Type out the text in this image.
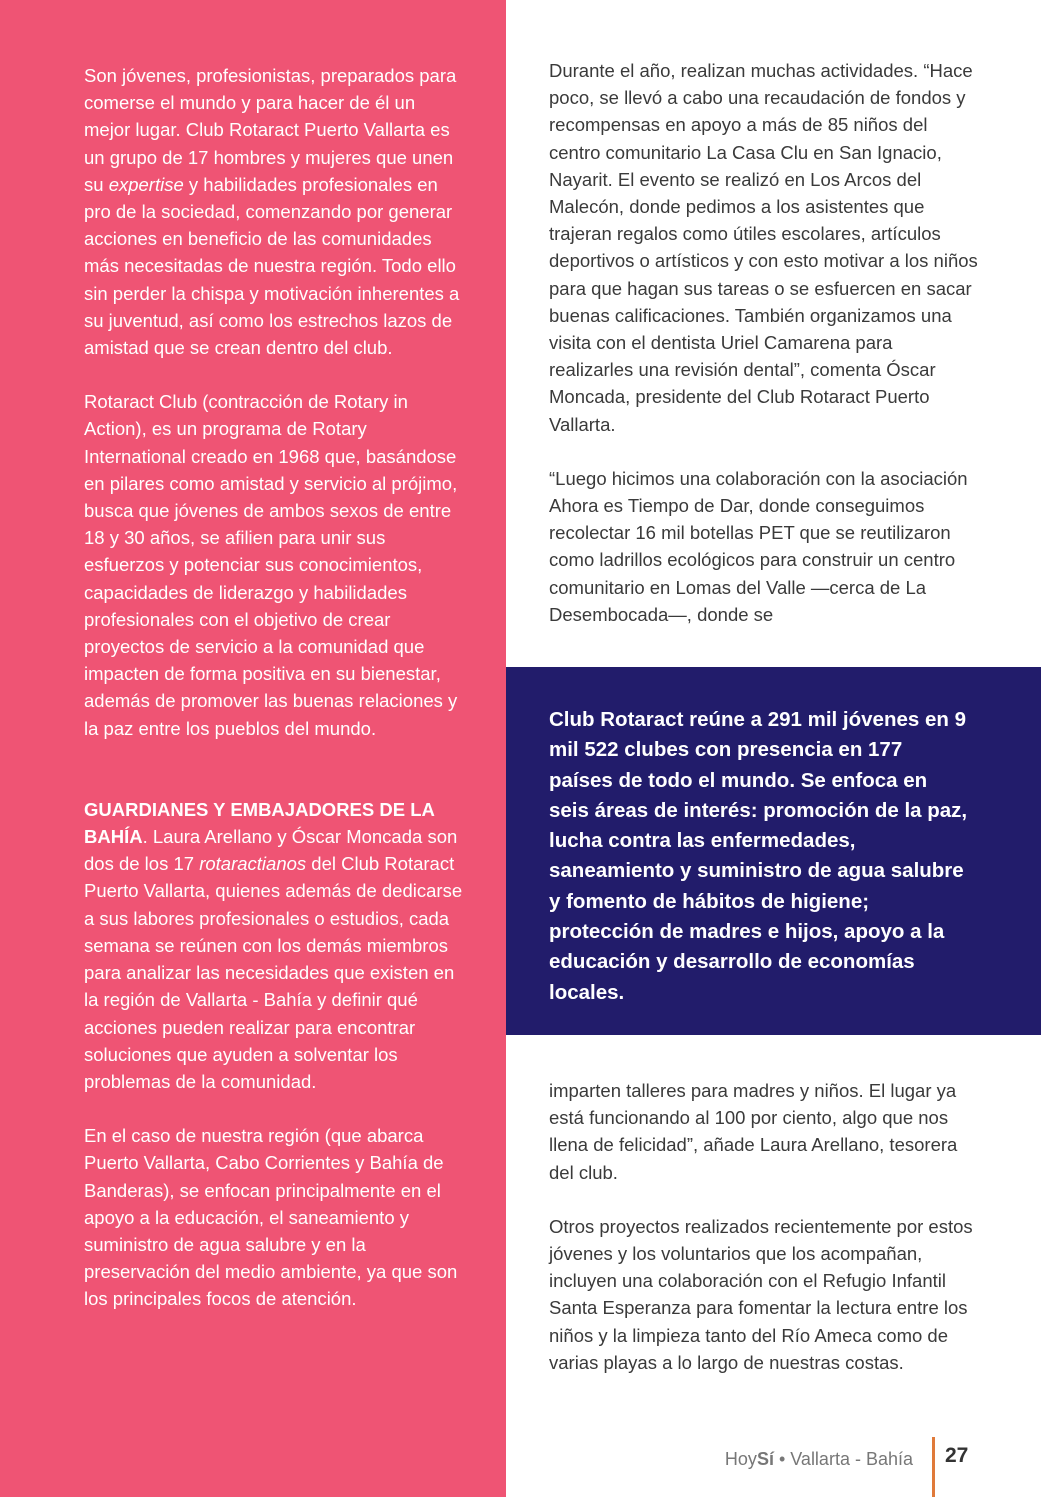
Son jóvenes, profesionistas, preparados para comerse el mundo y para hacer de él un mejor lugar. Club Rotaract Puerto Vallarta es un grupo de 17 hombres y mujeres que unen su expertise y habilidades profesionales en pro de la sociedad, comenzando por generar acciones en beneficio de las comunidades más necesitadas de nuestra región. Todo ello sin perder la chispa y motivación inherentes a su juventud, así como los estrechos lazos de amistad que se crean dentro del club.

Rotaract Club (contracción de Rotary in Action), es un programa de Rotary International creado en 1968 que, basándose en pilares como amistad y servicio al prójimo, busca que jóvenes de ambos sexos de entre 18 y 30 años, se afilien para unir sus esfuerzos y potenciar sus conocimientos, capacidades de liderazgo y habilidades profesionales con el objetivo de crear proyectos de servicio a la comunidad que impacten de forma positiva en su bienestar, además de promover las buenas relaciones y la paz entre los pueblos del mundo.

GUARDIANES Y EMBAJADORES DE LA BAHÍA. Laura Arellano y Óscar Moncada son dos de los 17 rotaractianos del Club Rotaract Puerto Vallarta, quienes además de dedicarse a sus labores profesionales o estudios, cada semana se reúnen con los demás miembros para analizar las necesidades que existen en la región de Vallarta - Bahía y definir qué acciones pueden realizar para encontrar soluciones que ayuden a solventar los problemas de la comunidad.

En el caso de nuestra región (que abarca Puerto Vallarta, Cabo Corrientes y Bahía de Banderas), se enfocan principalmente en el apoyo a la educación, el saneamiento y suministro de agua salubre y en la preservación del medio ambiente, ya que son los principales focos de atención.

Durante el año, realizan muchas actividades. “Hace poco, se llevó a cabo una recaudación de fondos y recompensas en apoyo a más de 85 niños del centro comunitario La Casa Clu en San Ignacio, Nayarit. El evento se realizó en Los Arcos del Malecón, donde pedimos a los asistentes que trajeran regalos como útiles escolares, artículos deportivos o artísticos y con esto motivar a los niños para que hagan sus tareas o se esfuercen en sacar buenas calificaciones. También organizamos una visita con el dentista Uriel Camarena para realizarles una revisión dental”, comenta Óscar Moncada, presidente del Club Rotaract Puerto Vallarta.

“Luego hicimos una colaboración con la asociación Ahora es Tiempo de Dar, donde conseguimos recolectar 16 mil botellas PET que se reutilizaron como ladrillos ecológicos para construir un centro comunitario en Lomas del Valle —cerca de La Desembocada—, donde se

Club Rotaract reúne a 291 mil jóvenes en 9 mil 522 clubes con presencia en 177 países de todo el mundo. Se enfoca en seis áreas de interés: promoción de la paz, lucha contra las enfermedades, saneamiento y suministro de agua salubre y fomento de hábitos de higiene; protección de madres e hijos, apoyo a la educación y desarrollo de economías locales.

imparten talleres para madres y niños. El lugar ya está funcionando al 100 por ciento, algo que nos llena de felicidad”, añade Laura Arellano, tesorera del club.

Otros proyectos realizados recientemente por estos jóvenes y los voluntarios que los acompañan, incluyen una colaboración con el Refugio Infantil Santa Esperanza para fomentar la lectura entre los niños y la limpieza tanto del Río Ameca como de varias playas a lo largo de nuestras costas.

HoySí • Vallarta - Bahía 27
